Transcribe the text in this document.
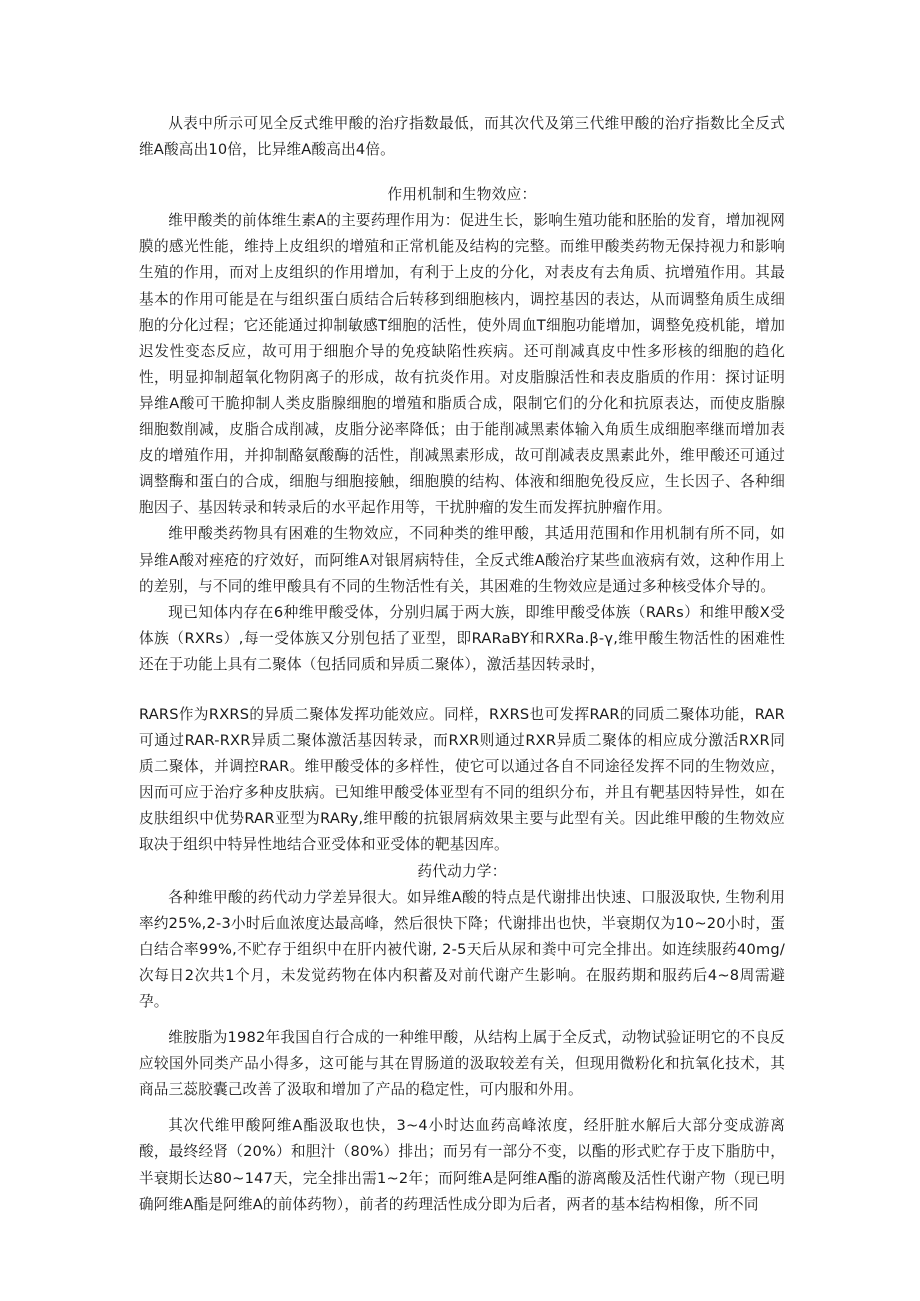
从表中所示可见全反式维甲酸的治疗指数最低，而其次代及第三代维甲酸的治疗指数比全反式维A酸高出10倍，比异维A酸高出4倍。

作用机制和生物效应：

维甲酸类的前体维生素A的主要药理作用为：促进生长，影响生殖功能和胚胎的发育，增加视网膜的感光性能，维持上皮组织的增殖和正常机能及结构的完整。而维甲酸类药物无保持视力和影响生殖的作用，而对上皮组织的作用增加，有利于上皮的分化，对表皮有去角质、抗增殖作用。其最基本的作用可能是在与组织蛋白质结合后转移到细胞核内，调控基因的表达，从而调整角质生成细胞的分化过程；它还能通过抑制敏感T细胞的活性，使外周血T细胞功能增加，调整免疫机能，增加迟发性变态反应，故可用于细胞介导的免疫缺陷性疾病。还可削减真皮中性多形核的细胞的趋化性，明显抑制超氧化物阴离子的形成，故有抗炎作用。对皮脂腺活性和表皮脂质的作用：探讨证明异维A酸可干脆抑制人类皮脂腺细胞的增殖和脂质合成，限制它们的分化和抗原表达，而使皮脂腺细胞数削减，皮脂合成削减，皮脂分泌率降低；由于能削减黑素体输入角质生成细胞率继而增加表皮的增殖作用，并抑制酪氨酸酶的活性，削减黑素形成，故可削减表皮黑素此外，维甲酸还可通过调整酶和蛋白的合成，细胞与细胞接触，细胞膜的结构、体液和细胞免役反应，生长因子、各种细胞因子、基因转录和转录后的水平起作用等，干扰肿瘤的发生而发挥抗肿瘤作用。

维甲酸类药物具有困难的生物效应，不同种类的维甲酸，其适用范围和作用机制有所不同，如异维A酸对痤疮的疗效好，而阿维A对银屑病特佳，全反式维A酸治疗某些血液病有效，这种作用上的差别，与不同的维甲酸具有不同的生物活性有关，其困难的生物效应是通过多种核受体介导的。

现已知体内存在6种维甲酸受体，分别归属于两大族，即维甲酸受体族（RARs）和维甲酸X受体族（RXRs）,每一受体族又分别包括了亚型，即RARaBY和RXRa.β-γ,维甲酸生物活性的困难性还在于功能上具有二聚体（包括同质和异质二聚体），激活基因转录时，

RARS作为RXRS的异质二聚体发挥功能效应。同样，RXRS也可发挥RAR的同质二聚体功能，RAR可通过RAR-RXR异质二聚体激活基因转录，而RXR则通过RXR异质二聚体的相应成分激活RXR同质二聚体，并调控RAR。维甲酸受体的多样性，使它可以通过各自不同途径发挥不同的生物效应，因而可应于治疗多种皮肤病。已知维甲酸受体亚型有不同的组织分布，并且有靶基因特异性，如在皮肤组织中优势RAR亚型为RARy,维甲酸的抗银屑病效果主要与此型有关。因此维甲酸的生物效应取决于组织中特异性地结合亚受体和亚受体的靶基因库。

药代动力学：

各种维甲酸的药代动力学差异很大。如异维A酸的特点是代谢排出快速、口服汲取快, 生物利用率约25%,2-3小时后血浓度达最高峰，然后很快下降；代谢排出也快，半衰期仅为10~20小时，蛋白结合率99%,不贮存于组织中在肝内被代谢, 2-5天后从尿和粪中可完全排出。如连续服药40mg/次每日2次共1个月，未发觉药物在体内积蓄及对前代谢产生影响。在服药期和服药后4~8周需避孕。

维胺脂为1982年我国自行合成的一种维甲酸，从结构上属于全反式，动物试验证明它的不良反应较国外同类产品小得多，这可能与其在胃肠道的汲取较差有关，但现用微粉化和抗氧化技术，其商品三蕊胶囊己改善了汲取和增加了产品的稳定性，可内服和外用。

其次代维甲酸阿维A酯汲取也快，3~4小时达血药高峰浓度，经肝脏水解后大部分变成游离酸，最终经肾（20%）和胆汁（80%）排出；而另有一部分不变，以酯的形式贮存于皮下脂肪中，半衰期长达80~147天，完全排出需1~2年；而阿维A是阿维A酯的游离酸及活性代谢产物（现已明确阿维A酯是阿维A的前体药物），前者的药理活性成分即为后者，两者的基本结构相像，所不同
